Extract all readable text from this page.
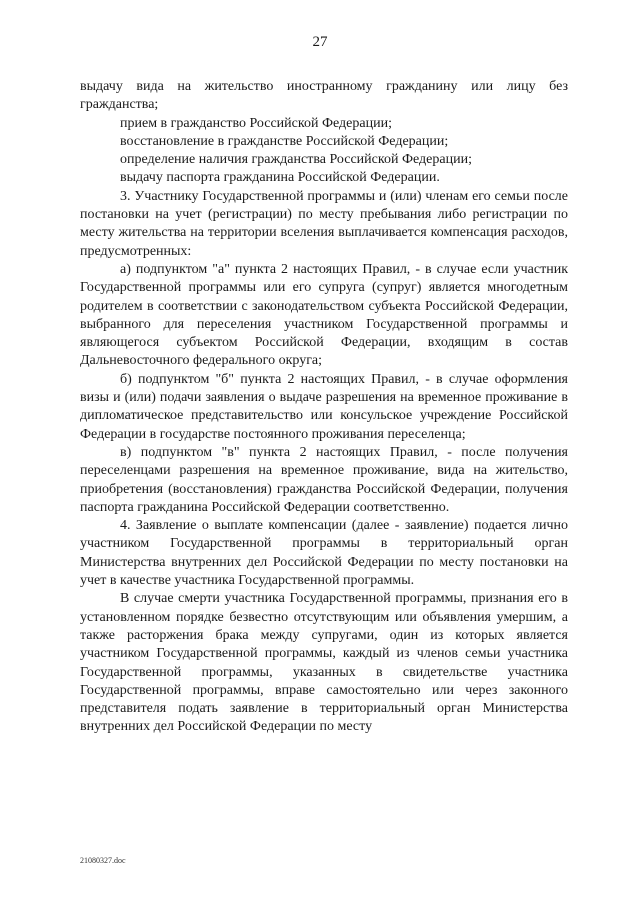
27

выдачу вида на жительство иностранному гражданину или лицу без гражданства;

прием в гражданство Российской Федерации;

восстановление в гражданстве Российской Федерации;

определение наличия гражданства Российской Федерации;

выдачу паспорта гражданина Российской Федерации.

3. Участнику Государственной программы и (или) членам его семьи после постановки на учет (регистрации) по месту пребывания либо регистрации по месту жительства на территории вселения выплачивается компенсация расходов, предусмотренных:

а) подпунктом "а" пункта 2 настоящих Правил, - в случае если участник Государственной программы или его супруга (супруг) является многодетным родителем в соответствии с законодательством субъекта Российской Федерации, выбранного для переселения участником Государственной программы и являющегося субъектом Российской Федерации, входящим в состав Дальневосточного федерального округа;

б) подпунктом "б" пункта 2 настоящих Правил, - в случае оформления визы и (или) подачи заявления о выдаче разрешения на временное проживание в дипломатическое представительство или консульское учреждение Российской Федерации в государстве постоянного проживания переселенца;

в) подпунктом "в" пункта 2 настоящих Правил, - после получения переселенцами разрешения на временное проживание, вида на жительство, приобретения (восстановления) гражданства Российской Федерации, получения паспорта гражданина Российской Федерации соответственно.

4. Заявление о выплате компенсации (далее - заявление) подается лично участником Государственной программы в территориальный орган Министерства внутренних дел Российской Федерации по месту постановки на учет в качестве участника Государственной программы.

В случае смерти участника Государственной программы, признания его в установленном порядке безвестно отсутствующим или объявления умершим, а также расторжения брака между супругами, один из которых является участником Государственной программы, каждый из членов семьи участника Государственной программы, указанных в свидетельстве участника Государственной программы, вправе самостоятельно или через законного представителя подать заявление в территориальный орган Министерства внутренних дел Российской Федерации по месту

21080327.doc
